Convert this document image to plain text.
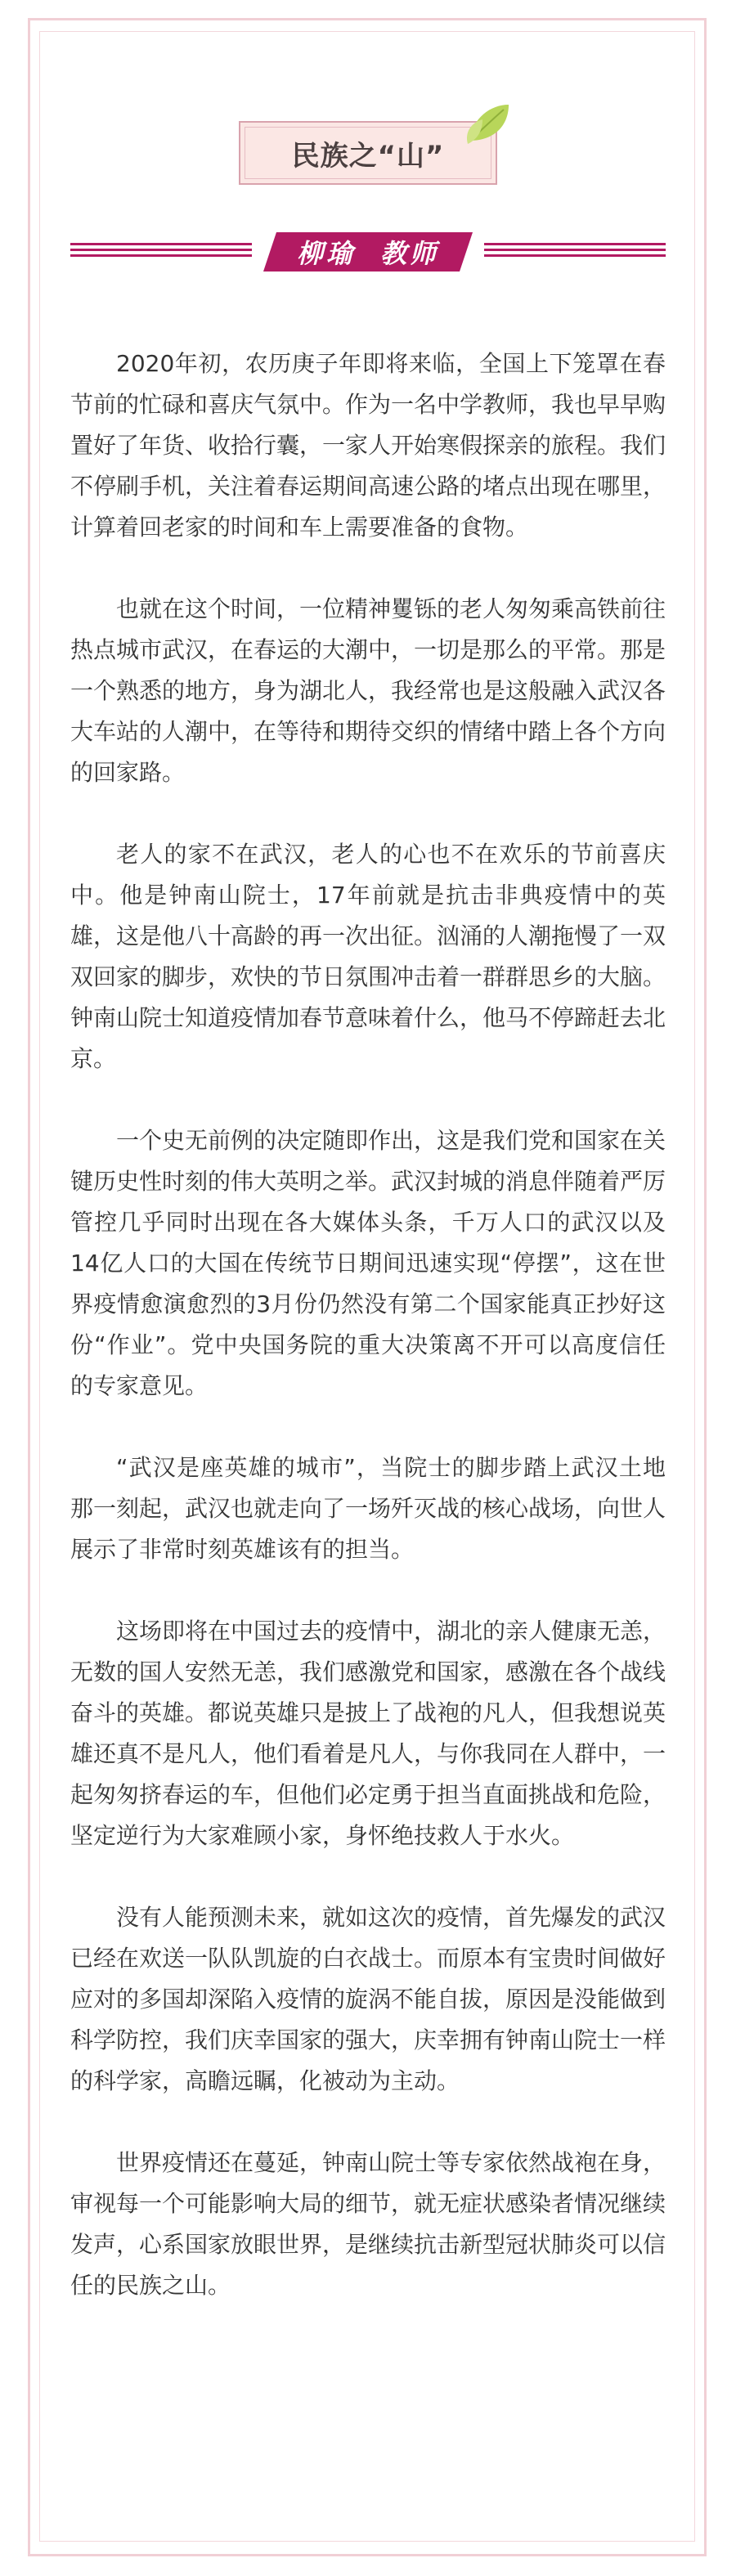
民族之“山”
柳瑜 教师

2020年初，农历庚子年即将来临，全国上下笼罩在春节前的忙碌和喜庆气氛中。作为一名中学教师，我也早早购置好了年货、收拾行囊，一家人开始寒假探亲的旅程。我们不停刷手机，关注着春运期间高速公路的堵点出现在哪里，计算着回老家的时间和车上需要准备的食物。

也就在这个时间，一位精神矍铄的老人匆匆乘高铁前往热点城市武汉，在春运的大潮中，一切是那么的平常。那是一个熟悉的地方，身为湖北人，我经常也是这般融入武汉各大车站的人潮中，在等待和期待交织的情绪中踏上各个方向的回家路。

老人的家不在武汉，老人的心也不在欢乐的节前喜庆中。他是钟南山院士，17年前就是抗击非典疫情中的英雄，这是他八十高龄的再一次出征。汹涌的人潮拖慢了一双双回家的脚步，欢快的节日氛围冲击着一群群思乡的大脑。钟南山院士知道疫情加春节意味着什么，他马不停蹄赶去北京。

一个史无前例的决定随即作出，这是我们党和国家在关键历史性时刻的伟大英明之举。武汉封城的消息伴随着严厉管控几乎同时出现在各大媒体头条，千万人口的武汉以及14亿人口的大国在传统节日期间迅速实现“停摆”，这在世界疫情愈演愈烈的3月份仍然没有第二个国家能真正抄好这份“作业”。党中央国务院的重大决策离不开可以高度信任的专家意见。

“武汉是座英雄的城市”，当院士的脚步踏上武汉土地那一刻起，武汉也就走向了一场歼灭战的核心战场，向世人展示了非常时刻英雄该有的担当。

这场即将在中国过去的疫情中，湖北的亲人健康无恙，无数的国人安然无恙，我们感激党和国家，感激在各个战线奋斗的英雄。都说英雄只是披上了战袍的凡人，但我想说英雄还真不是凡人，他们看着是凡人，与你我同在人群中，一起匆匆挤春运的车，但他们必定勇于担当直面挑战和危险，坚定逆行为大家难顾小家，身怀绝技救人于水火。

没有人能预测未来，就如这次的疫情，首先爆发的武汉已经在欢送一队队凯旋的白衣战士。而原本有宝贵时间做好应对的多国却深陷入疫情的旋涡不能自拔，原因是没能做到科学防控，我们庆幸国家的强大，庆幸拥有钟南山院士一样的科学家，高瞻远瞩，化被动为主动。

世界疫情还在蔓延，钟南山院士等专家依然战袍在身，审视每一个可能影响大局的细节，就无症状感染者情况继续发声，心系国家放眼世界，是继续抗击新型冠状肺炎可以信任的民族之山。
